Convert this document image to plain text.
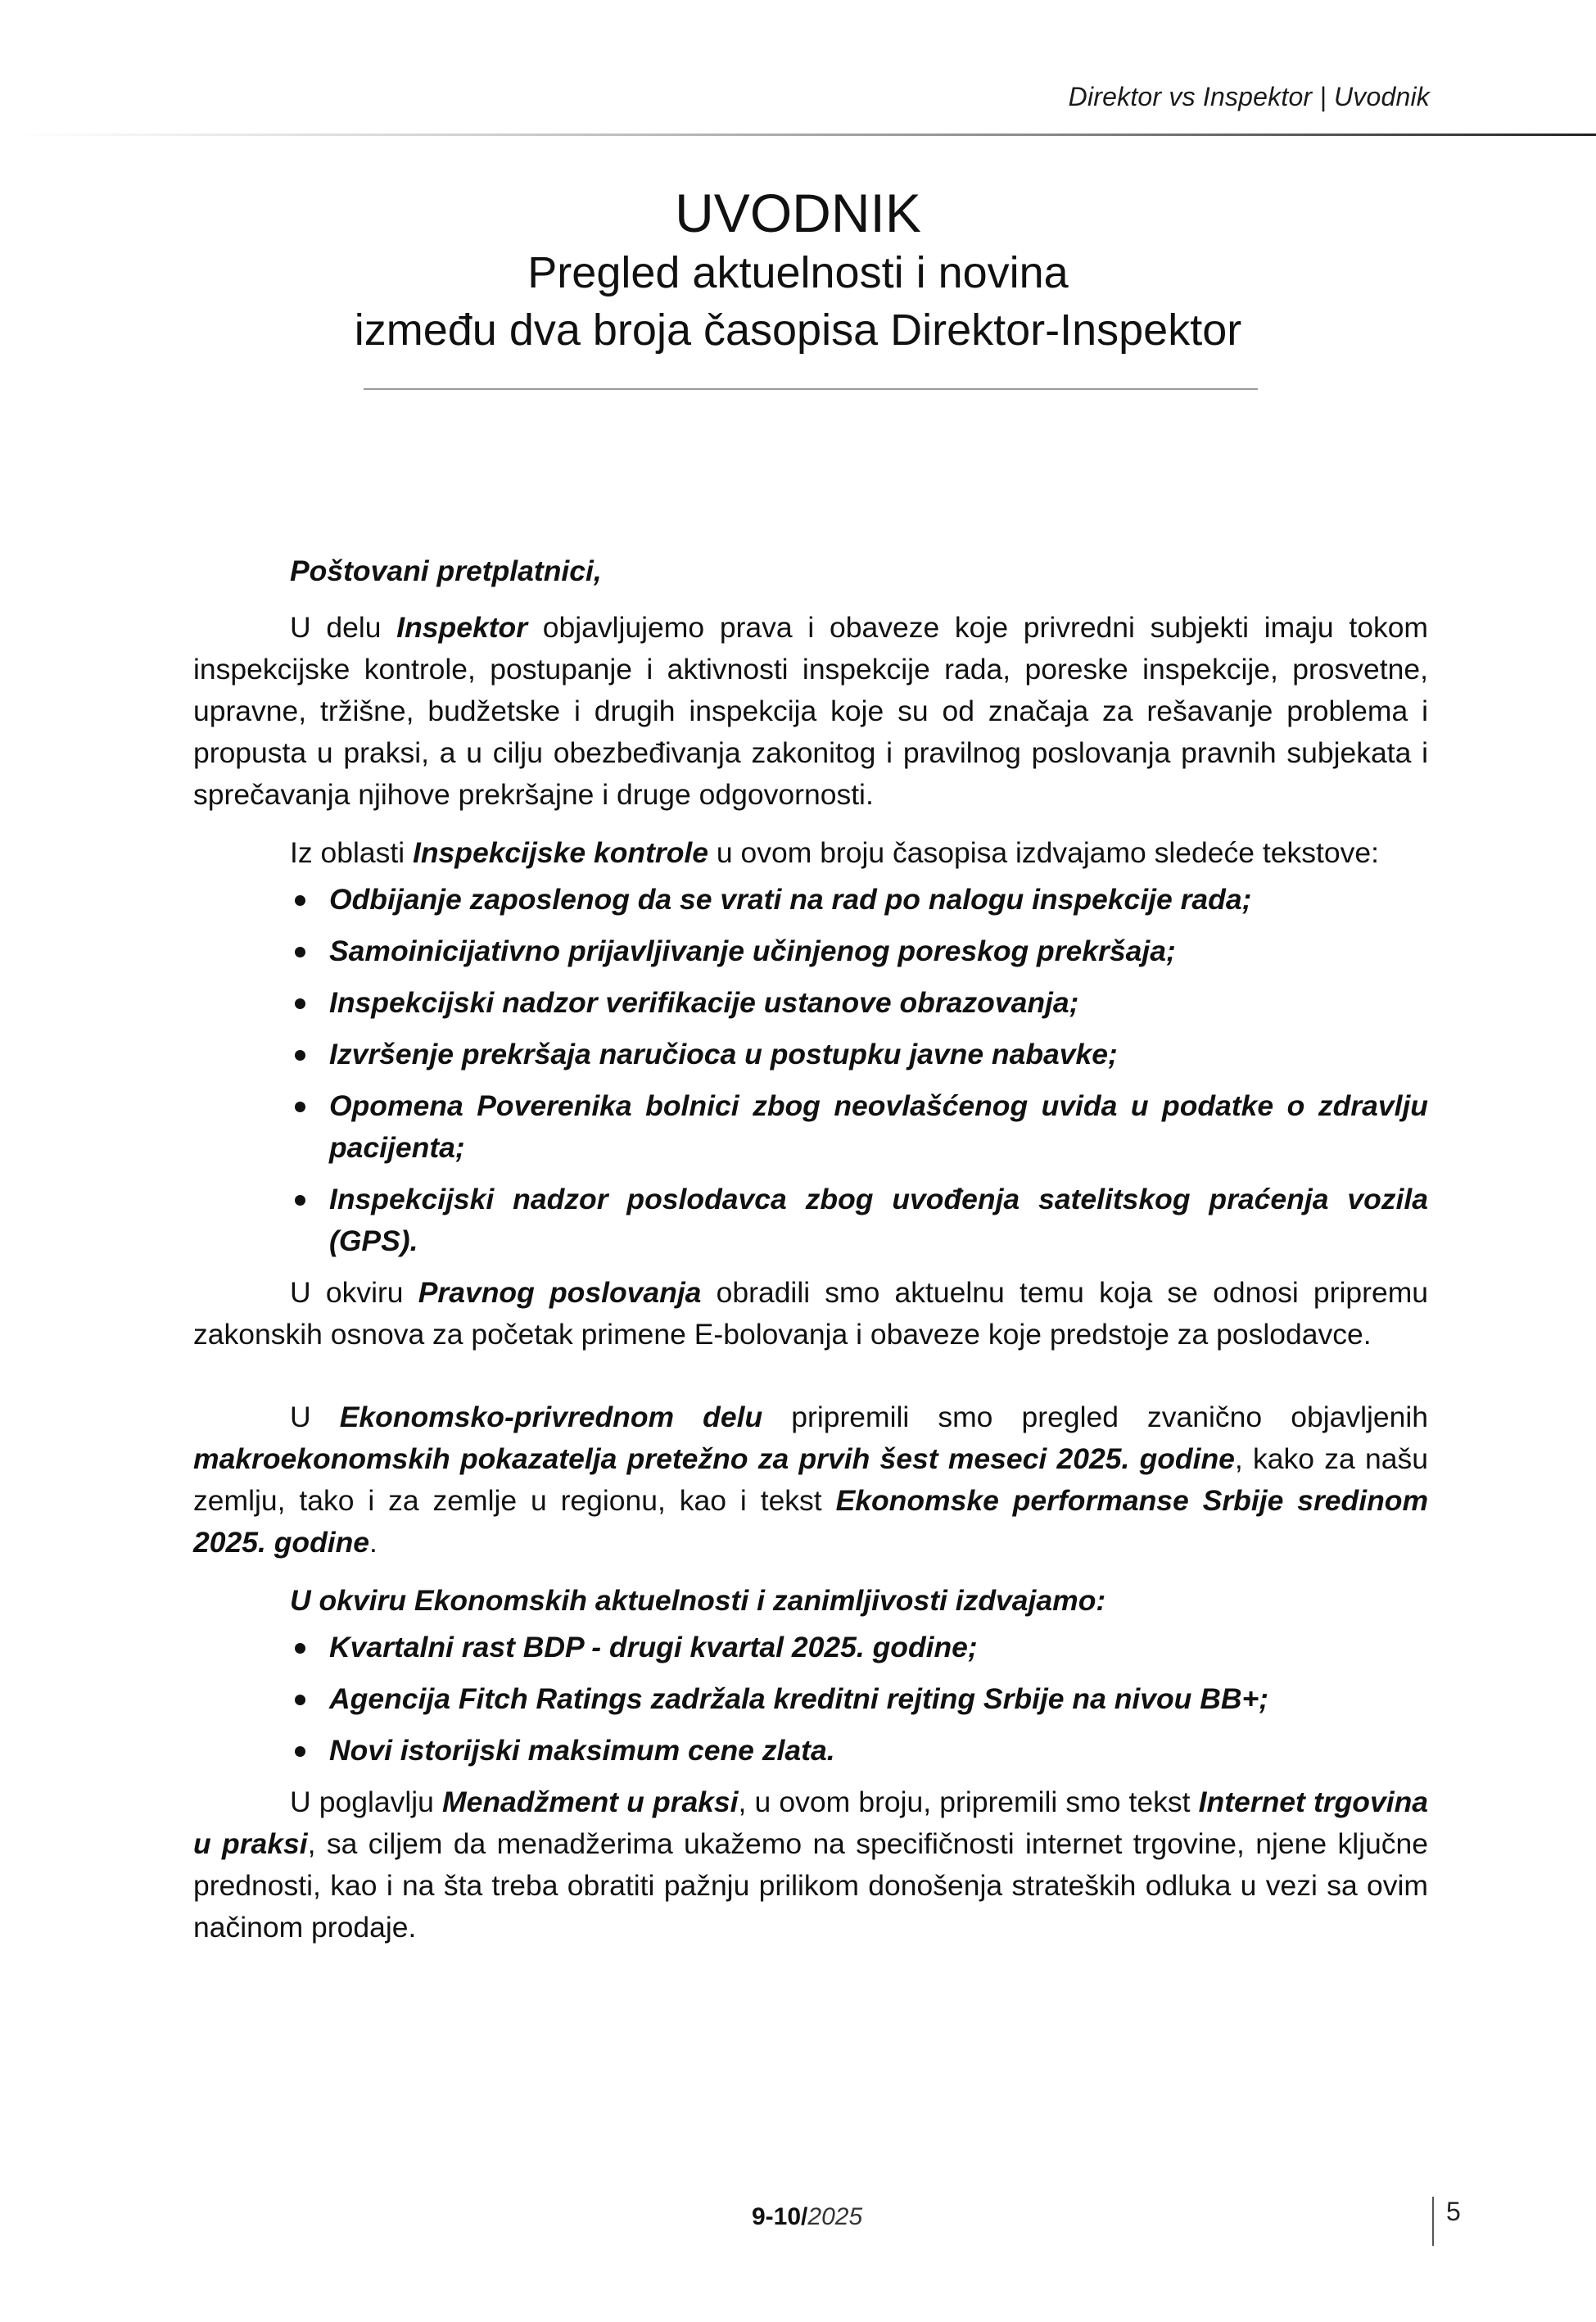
Direktor vs Inspektor | Uvodnik
UVODNIK
Pregled aktuelnosti i novina
između dva broja časopisa Direktor-Inspektor

Poštovani pretplatnici,

U delu Inspektor objavljujemo prava i obaveze koje privredni subjekti imaju tokom inspekcijske kontrole, postupanje i aktivnosti inspekcije rada, poreske inspekcije, prosvetne, upravne, tržišne, budžetske i drugih inspekcija koje su od značaja za rešavanje problema i propusta u praksi, a u cilju obezbeđivanja zakonitog i pravilnog poslovanja pravnih subjekata i sprečavanja njihove prekršajne i druge odgovornosti.

Iz oblasti Inspekcijske kontrole u ovom broju časopisa izdvajamo sledeće tekstove:

Odbijanje zaposlenog da se vrati na rad po nalogu inspekcije rada;
Samoinicijativno prijavljivanje učinjenog poreskog prekršaja;
Inspekcijski nadzor verifikacije ustanove obrazovanja;
Izvršenje prekršaja naručioca u postupku javne nabavke;
Opomena Poverenika bolnici zbog neovlašćenog uvida u podatke o zdravlju pacijenta;
Inspekcijski nadzor poslodavca zbog uvođenja satelitskog praćenja vozila (GPS).

U okviru Pravnog poslovanja obradili smo aktuelnu temu koja se odnosi pripremu zakonskih osnova za početak primene E-bolovanja i obaveze koje predstoje za poslodavce.

U Ekonomsko-privrednom delu pripremili smo pregled zvanično objavljenih makroekonomskih pokazatelja pretežno za prvih šest meseci 2025. godine, kako za našu zemlju, tako i za zemlje u regionu, kao i tekst Ekonomske performanse Srbije sredinom 2025. godine.

U okviru Ekonomskih aktuelnosti i zanimljivosti izdvajamo:

Kvartalni rast BDP - drugi kvartal 2025. godine;
Agencija Fitch Ratings zadržala kreditni rejting Srbije na nivou BB+;
Novi istorijski maksimum cene zlata.

U poglavlju Menadžment u praksi, u ovom broju, pripremili smo tekst Internet trgovina u praksi, sa ciljem da menadžerima ukažemo na specifičnosti internet trgovine, njene ključne prednosti, kao i na šta treba obratiti pažnju prilikom donošenja strateških odluka u vezi sa ovim načinom prodaje.

9-10/2025	5
